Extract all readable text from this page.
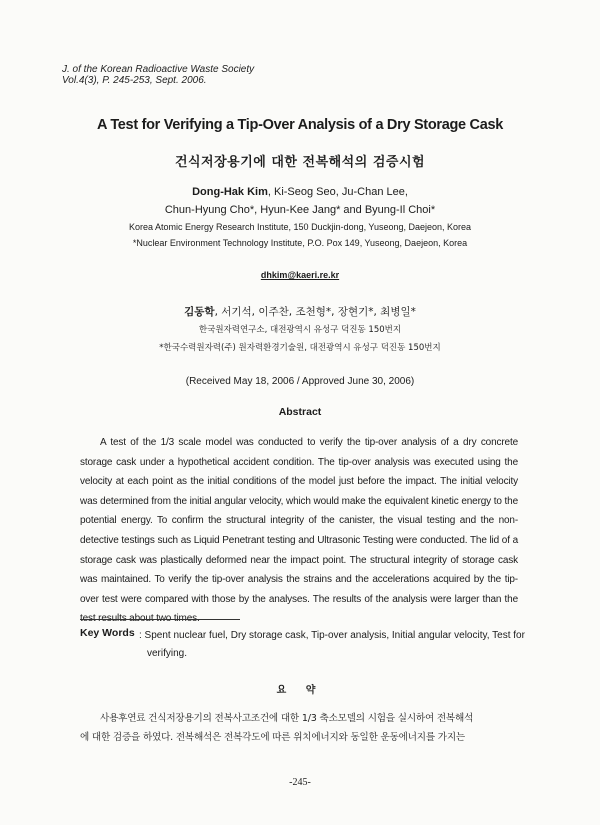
J. of the Korean Radioactive Waste Society
Vol.4(3), P. 245-253, Sept. 2006.
A Test for Verifying a Tip-Over Analysis of a Dry Storage Cask
건식저장용기에 대한 전복해석의 검증시험
Dong-Hak Kim, Ki-Seog Seo, Ju-Chan Lee,
Chun-Hyung Cho*, Hyun-Kee Jang* and Byung-Il Choi*
Korea Atomic Energy Research Institute, 150 Duckjin-dong, Yuseong, Daejeon, Korea
*Nuclear Environment Technology Institute, P.O. Pox 149, Yuseong, Daejeon, Korea
dhkim@kaeri.re.kr
김동학, 서기석, 이주찬, 조천형*, 장현기*, 최병일*
한국원자력연구소, 대전광역시 유성구 덕진동 150번지
*한국수력원자력(주) 원자력환경기술원, 대전광역시 유성구 덕진동 150번지
(Received May 18, 2006 / Approved June 30, 2006)
Abstract
A test of the 1/3 scale model was conducted to verify the tip-over analysis of a dry concrete storage cask under a hypothetical accident condition. The tip-over analysis was executed using the velocity at each point as the initial conditions of the model just before the impact. The initial velocity was determined from the initial angular velocity, which would make the equivalent kinetic energy to the potential energy. To confirm the structural integrity of the canister, the visual testing and the non-detective testings such as Liquid Penetrant testing and Ultrasonic Testing were conducted. The lid of a storage cask was plastically deformed near the impact point. The structural integrity of storage cask was maintained. To verify the tip-over analysis the strains and the accelerations acquired by the tip-over test were compared with those by the analyses. The results of the analysis were larger than the test results about two times.
Key Words : Spent nuclear fuel, Dry storage cask, Tip-over analysis, Initial angular velocity, Test for verifying.
요 약
사용후연료 건식저장용기의 전복사고조건에 대한 1/3 축소모델의 시험을 실시하여 전복해석
에 대한 검증을 하였다. 전복해석은 전복각도에 따른 위치에너지와 동일한 운동에너지를 가지는
-245-
